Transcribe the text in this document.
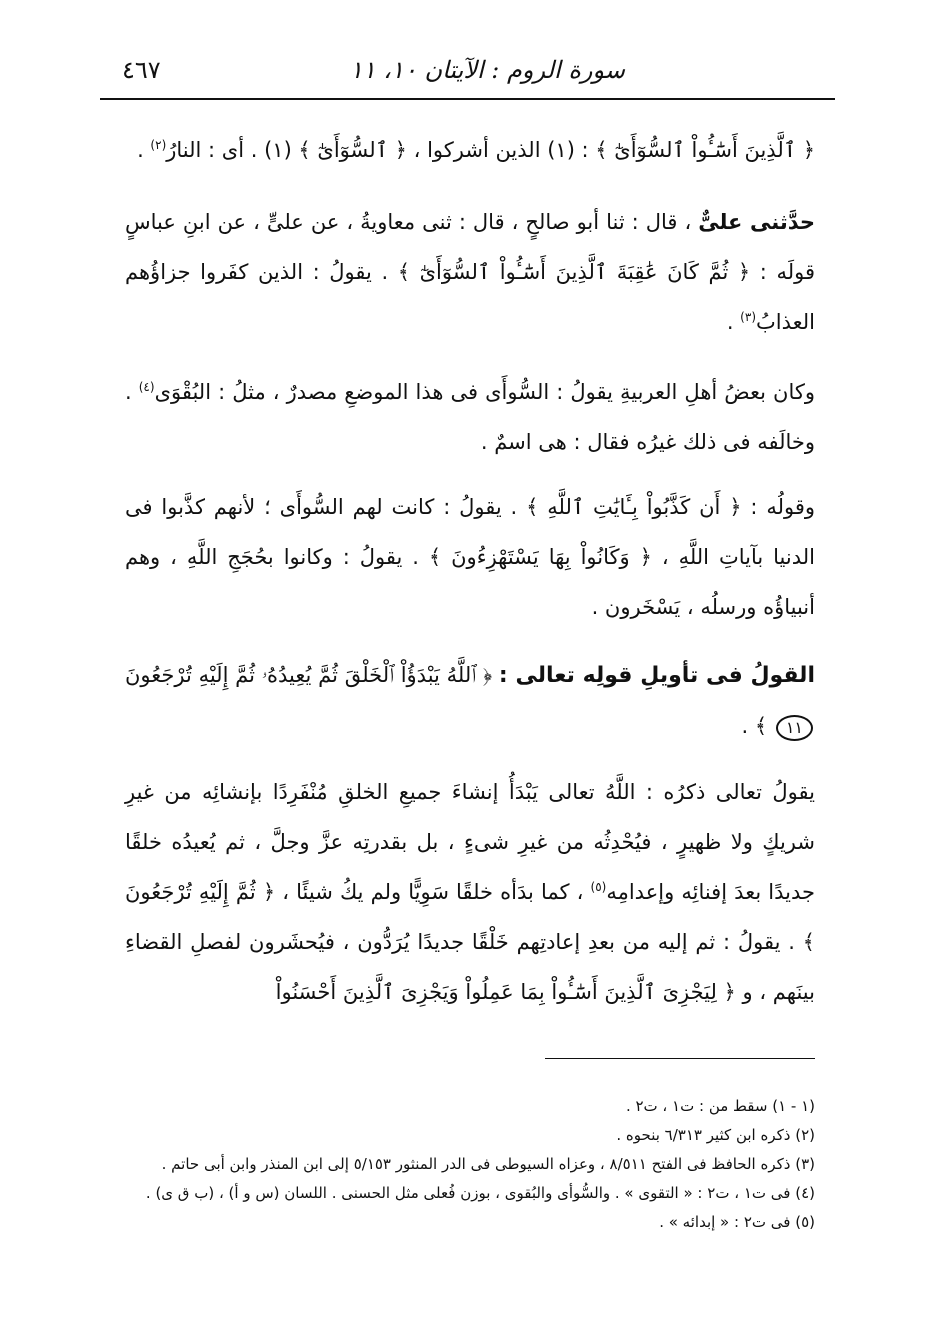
٤٦٧	سورة الروم : الآيتان ١٠، ١١

﴿ ٱلَّذِينَ أَسَٰٓـُٔواْ ٱلسُّوٓأَىٰٓ ﴾ : (١) الذين أشركوا ، ﴿ ٱلسُّوٓأَىٰٓ ﴾ (١) . أى : النارُ$^{(٢)}$ .

حدَّثنى علىٌّ ، قال : ثنا أبو صالحٍ ، قال : ثنى معاويةُ ، عن علىٍّ ، عن ابنِ عباسٍ قولَه : ﴿ ثُمَّ كَانَ عَٰقِبَةَ ٱلَّذِينَ أَسَٰٓـُٔواْ ٱلسُّوٓأَىٰٓ ﴾ . يقولُ : الذين كفَروا جزاؤُهم العذابُ$^{(٣)}$ .

وكان بعضُ أهلِ العربيةِ يقولُ : السُّوأَى فى هذا الموضعِ مصدرٌ ، مثلُ : البُقْوَى$^{(٤)}$ . وخالَفه فى ذلك غيرُه فقال : هى اسمٌ .

وقولُه : ﴿ أَن كَذَّبُواْ بِـَٔايَٰتِ ٱللَّهِ ﴾ . يقولُ : كانت لهم السُّوأَى ؛ لأنهم كذَّبوا فى الدنيا بآياتِ اللَّهِ ، ﴿ وَكَانُواْ بِهَا يَسْتَهْزِءُونَ ﴾ . يقولُ : وكانوا بحُجَجِ اللَّهِ ، وهم أنبياؤُه ورسلُه ، يَسْخَرون .

القولُ فى تأويلِ قولِه تعالى : ﴿ ٱللَّهُ يَبْدَؤُاْ ٱلْخَلْقَ ثُمَّ يُعِيدُهُۥ ثُمَّ إِلَيْهِ تُرْجَعُونَ ١١ ﴾ .

يقولُ تعالى ذكرُه : اللَّهُ تعالى يَبْدَأُ إنشاءَ جميعِ الخلقِ مُنْفَرِدًا بإنشائِه من غيرِ شريكٍ ولا ظهيرٍ ، فيُحْدِثُه من غيرِ شىءٍ ، بل بقدرتِه عزَّ وجلَّ ، ثم يُعيدُه خلقًا جديدًا بعدَ إفنائِه وإعدامِه$^{(٥)}$ ، كما بدَأه خلقًا سَوِيًّا ولم يكُ شيئًا ، ﴿ ثُمَّ إِلَيْهِ تُرْجَعُونَ ﴾ . يقولُ : ثم إليه من بعدِ إعادتِهم خَلْقًا جديدًا يُرَدُّون ، فيُحشَرون لفصلِ القضاءِ بينَهم ، و ﴿ لِيَجْزِىَ ٱلَّذِينَ أَسَٰٓـُٔواْ بِمَا عَمِلُواْ وَيَجْزِىَ ٱلَّذِينَ أَحْسَنُواْ

(١ - ١) سقط من : ت١ ، ت٢ .
(٢) ذكره ابن كثير ٦/٣١٣ بنحوه .
(٣) ذكره الحافظ فى الفتح ٨/٥١١ ، وعزاه السيوطى فى الدر المنثور ٥/١٥٣ إلى ابن المنذر وابن أبى حاتم .
(٤) فى ت١ ، ت٢ : « التقوى » . والسُّوأى والبُقوى ، بوزن فُعلى مثل الحسنى . اللسان (س و أ) ، (ب ق ى) .
(٥) فى ت٢ : « إبدائه » .
